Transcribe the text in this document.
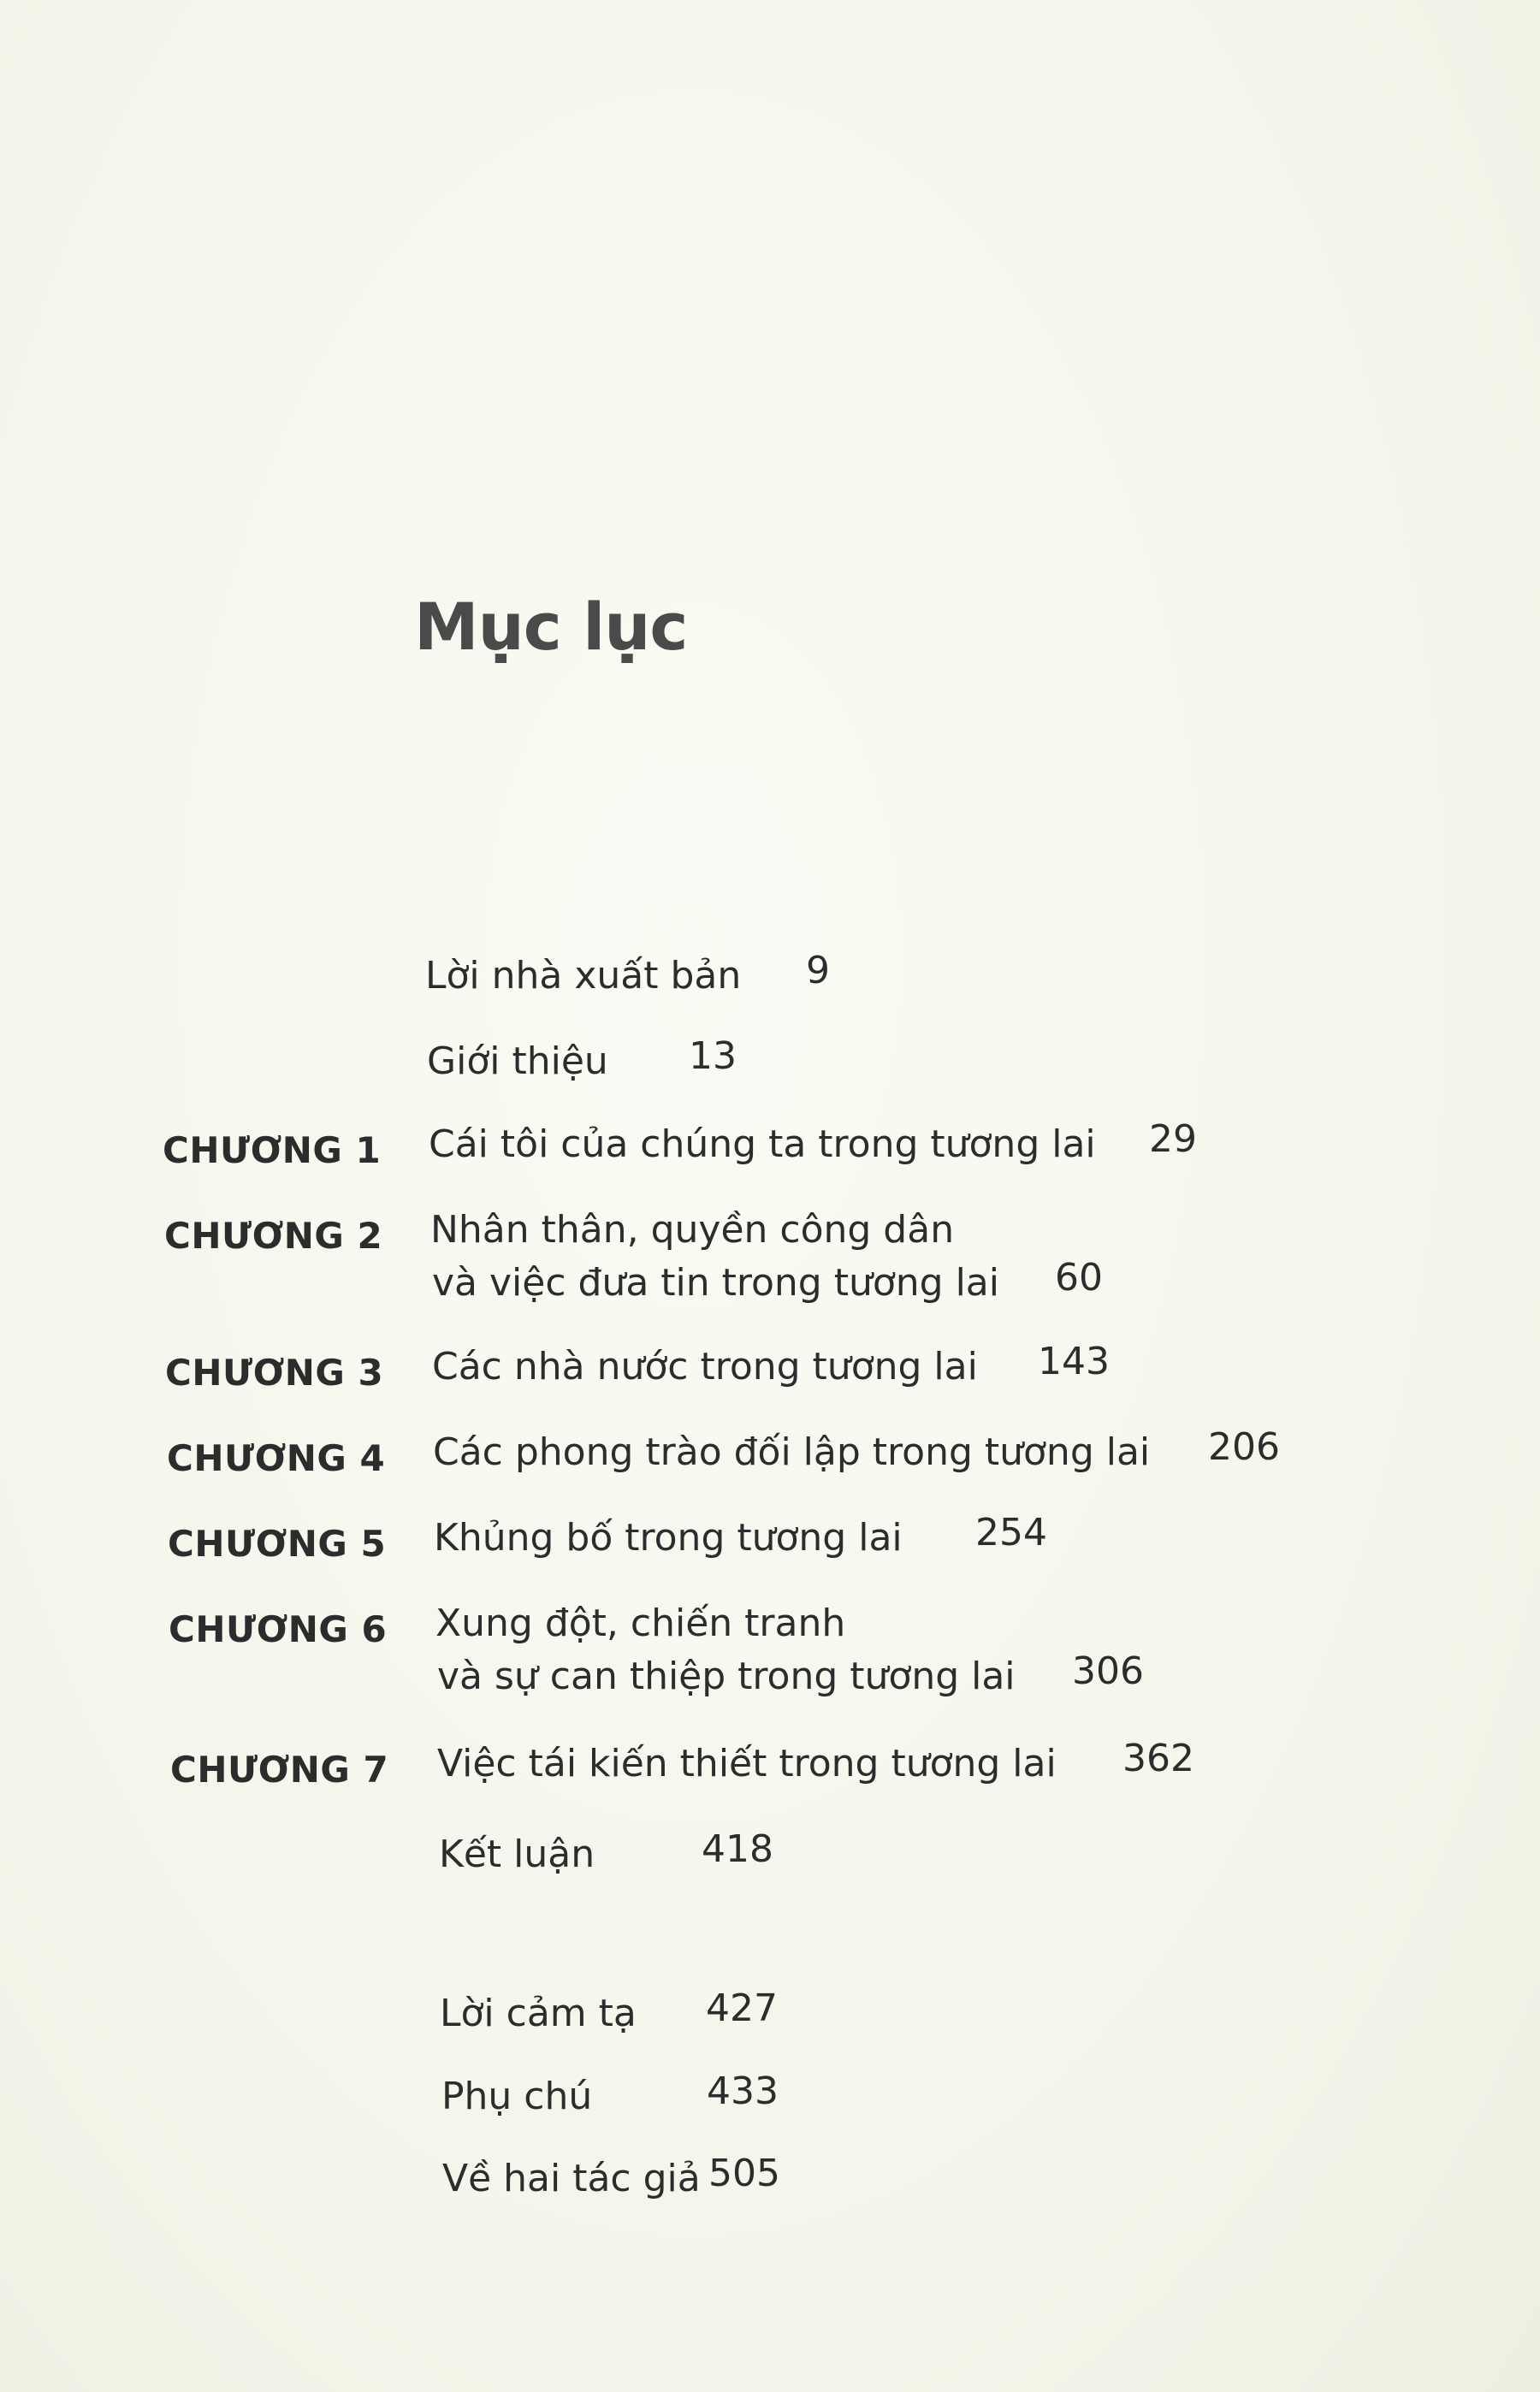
Mục lục
Lời nhà xuất bản 9
Giới thiệu 13
CHƯƠNG 1 Cái tôi của chúng ta trong tương lai 29
CHƯƠNG 2 Nhân thân, quyền công dân
và việc đưa tin trong tương lai 60
CHƯƠNG 3 Các nhà nước trong tương lai 143
CHƯƠNG 4 Các phong trào đối lập trong tương lai 206
CHƯƠNG 5 Khủng bố trong tương lai 254
CHƯƠNG 6 Xung đột, chiến tranh
và sự can thiệp trong tương lai 306
CHƯƠNG 7 Việc tái kiến thiết trong tương lai 362
Kết luận	418
Lời cảm tạ 427
Phụ chú	433
Về hai tác giả 505
